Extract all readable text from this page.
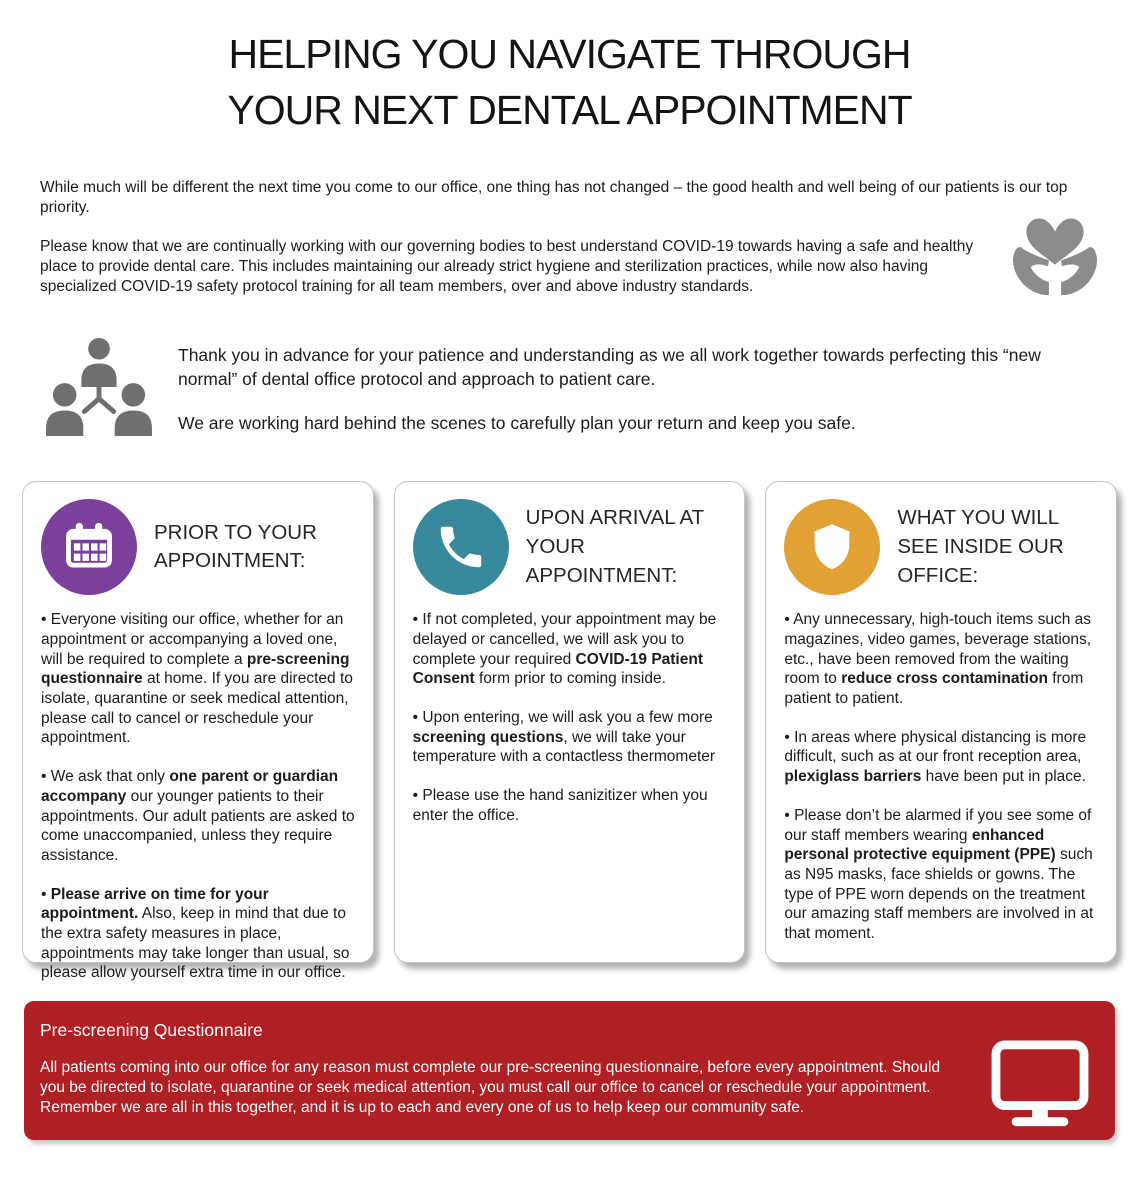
HELPING YOU NAVIGATE THROUGH
YOUR NEXT DENTAL APPOINTMENT

While much will be different the next time you come to our office, one thing has not changed – the good health and well being of our patients is our top priority.

Please know that we are continually working with our governing bodies to best understand COVID-19 towards having a safe and healthy place to provide dental care. This includes maintaining our already strict hygiene and sterilization practices, while now also having specialized COVID-19 safety protocol training for all team members, over and above industry standards.

Thank you in advance for your patience and understanding as we all work together towards perfecting this “new normal” of dental office protocol and approach to patient care.

We are working hard behind the scenes to carefully plan your return and keep you safe.

PRIOR TO YOUR APPOINTMENT:

• Everyone visiting our office, whether for an appointment or accompanying a loved one, will be required to complete a pre-screening questionnaire at home. If you are directed to isolate, quarantine or seek medical attention, please call to cancel or reschedule your appointment.

• We ask that only one parent or guardian accompany our younger patients to their appointments. Our adult patients are asked to come unaccompanied, unless they require assistance.

• Please arrive on time for your appointment. Also, keep in mind that due to the extra safety measures in place, appointments may take longer than usual, so please allow yourself extra time in our office.

UPON ARRIVAL AT YOUR APPOINTMENT:

• If not completed, your appointment may be delayed or cancelled, we will ask you to complete your required COVID-19 Patient Consent form prior to coming inside.

• Upon entering, we will ask you a few more screening questions, we will take your temperature with a contactless thermometer

• Please use the hand sanizitizer when you enter the office.

WHAT YOU WILL SEE INSIDE OUR OFFICE:

• Any unnecessary, high-touch items such as magazines, video games, beverage stations, etc., have been removed from the waiting room to reduce cross contamination from patient to patient.

• In areas where physical distancing is more difficult, such as at our front reception area, plexiglass barriers have been put in place.

• Please don’t be alarmed if you see some of our staff members wearing enhanced personal protective equipment (PPE) such as N95 masks, face shields or gowns. The type of PPE worn depends on the treatment our amazing staff members are involved in at that moment.

Pre-screening Questionnaire

All patients coming into our office for any reason must complete our pre-screening questionnaire, before every appointment. Should you be directed to isolate, quarantine or seek medical attention, you must call our office to cancel or reschedule your appointment. Remember we are all in this together, and it is up to each and every one of us to help keep our community safe.
